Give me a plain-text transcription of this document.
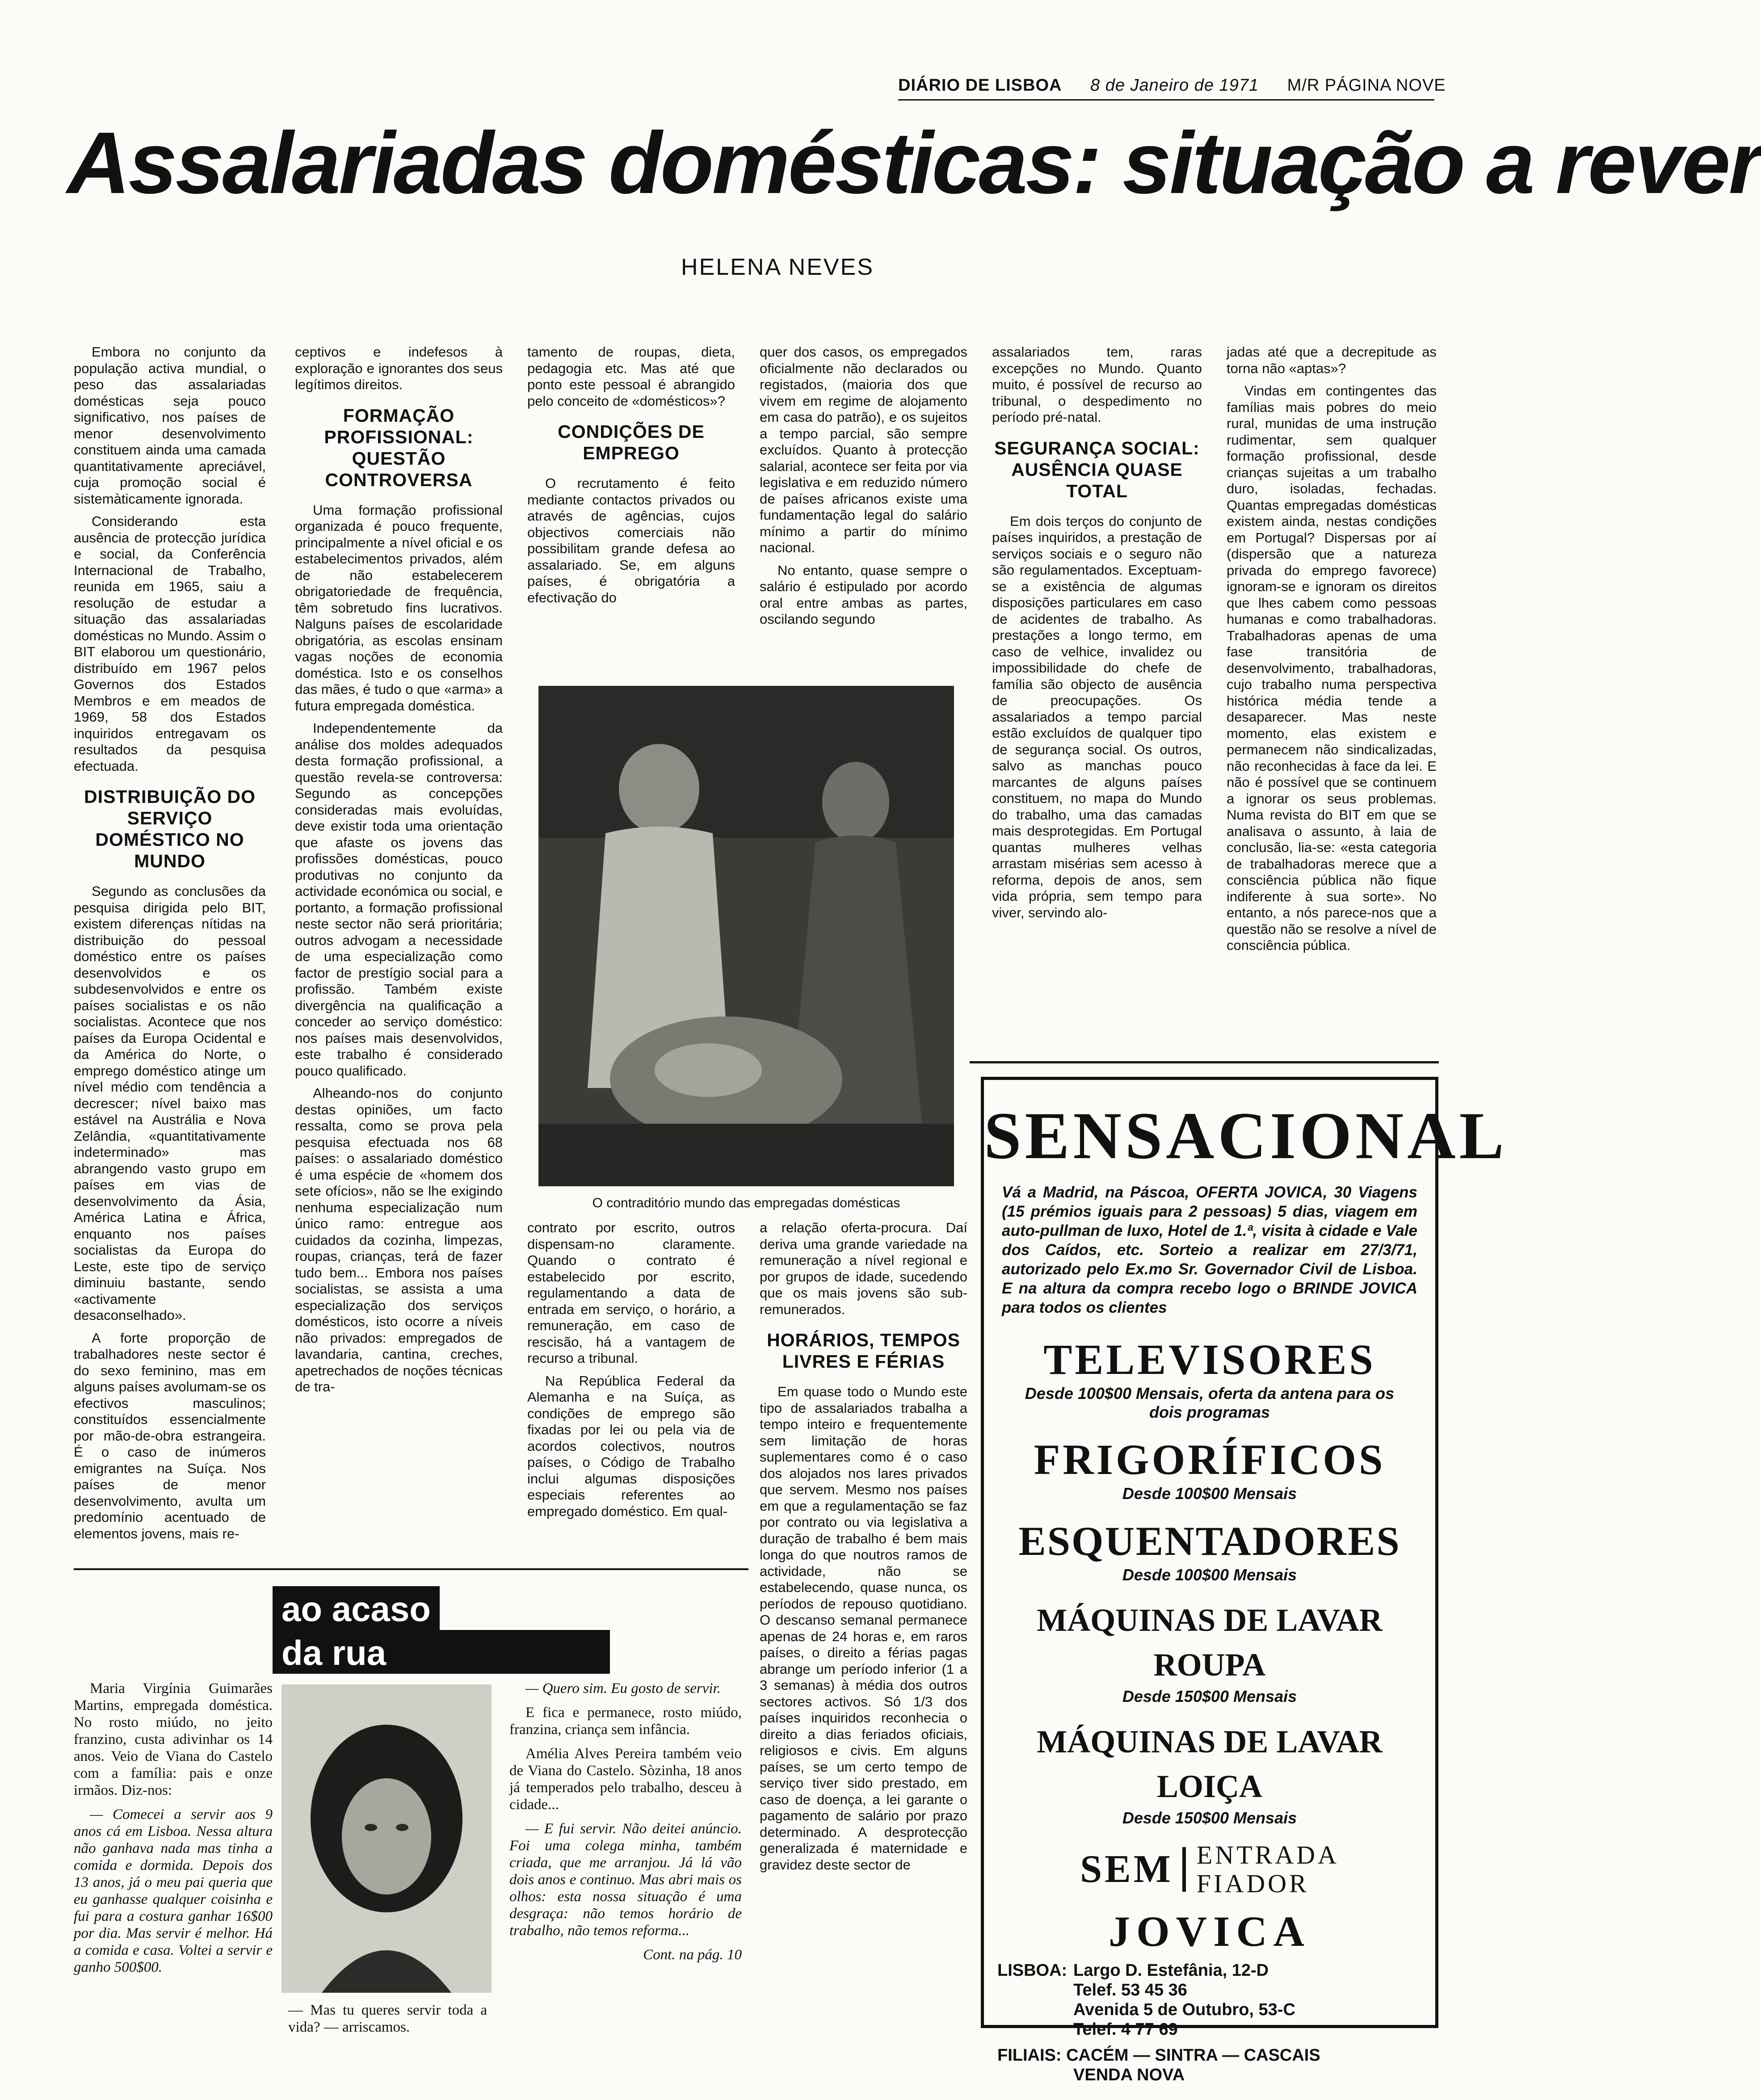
DIÁRIO DE LISBOA 8 de Janeiro de 1971 M/R PÁGINA NOVE
Assalariadas domésticas: situação a rever
HELENA NEVES

Embora no conjunto da população activa mundial, o peso das assalariadas domésticas seja pouco significativo, nos países de menor desenvolvimento constituem ainda uma camada quantitativamente apreciável, cuja promoção social é sistemàticamente ignorada.

Considerando esta ausência de protecção jurídica e social, da Conferência Internacional de Trabalho, reunida em 1965, saiu a resolução de estudar a situação das assalariadas domésticas no Mundo. Assim o BIT elaborou um questionário, distribuído em 1967 pelos Governos dos Estados Membros e em meados de 1969, 58 dos Estados inquiridos entregavam os resultados da pesquisa efectuada.

DISTRIBUIÇÃO DO SERVIÇO DOMÉSTICO NO MUNDO

Segundo as conclusões da pesquisa dirigida pelo BIT, existem diferenças nítidas na distribuição do pessoal doméstico entre os países desenvolvidos e os subdesenvolvidos e entre os países socialistas e os não socialistas. Acontece que nos países da Europa Ocidental e da América do Norte, o emprego doméstico atinge um nível médio com tendência a decrescer; nível baixo mas estável na Austrália e Nova Zelândia, «quantitativamente indeterminado» mas abrangendo vasto grupo em países em vias de desenvolvimento da Ásia, América Latina e África, enquanto nos países socialistas da Europa do Leste, este tipo de serviço diminuiu bastante, sendo «activamente desaconselhado».

A forte proporção de trabalhadores neste sector é do sexo feminino, mas em alguns países avolumam-se os efectivos masculinos; constituídos essencialmente por mão-de-obra estrangeira. É o caso de inúmeros emigrantes na Suíça. Nos países de menor desenvolvimento, avulta um predomínio acentuado de elementos jovens, mais re-

ceptivos e indefesos à exploração e ignorantes dos seus legítimos direitos.

FORMAÇÃO PROFISSIONAL: QUESTÃO CONTROVERSA

Uma formação profissional organizada é pouco frequente, principalmente a nível oficial e os estabelecimentos privados, além de não estabelecerem obrigatoriedade de frequência, têm sobretudo fins lucrativos. Nalguns países de escolaridade obrigatória, as escolas ensinam vagas noções de economia doméstica. Isto e os conselhos das mães, é tudo o que «arma» a futura empregada doméstica.

Independentemente da análise dos moldes adequados desta formação profissional, a questão revela-se controversa: Segundo as concepções consideradas mais evoluídas, deve existir toda uma orientação que afaste os jovens das profissões domésticas, pouco produtivas no conjunto da actividade económica ou social, e portanto, a formação profissional neste sector não será prioritária; outros advogam a necessidade de uma especialização como factor de prestígio social para a profissão. Também existe divergência na qualificação a conceder ao serviço doméstico: nos países mais desenvolvidos, este trabalho é considerado pouco qualificado.

Alheando-nos do conjunto destas opiniões, um facto ressalta, como se prova pela pesquisa efectuada nos 68 países: o assalariado doméstico é uma espécie de «homem dos sete ofícios», não se lhe exigindo nenhuma especialização num único ramo: entregue aos cuidados da cozinha, limpezas, roupas, crianças, terá de fazer tudo bem... Embora nos países socialistas, se assista a uma especialização dos serviços domésticos, isto ocorre a níveis não privados: empregados de lavandaria, cantina, creches, apetrechados de noções técnicas de tra-

tamento de roupas, dieta, pedagogia etc. Mas até que ponto este pessoal é abrangido pelo conceito de «domésticos»?

CONDIÇÕES DE EMPREGO

O recrutamento é feito mediante contactos privados ou através de agências, cujos objectivos comerciais não possibilitam grande defesa ao assalariado. Se, em alguns países, é obrigatória a efectivação do

quer dos casos, os empregados oficialmente não declarados ou registados, (maioria dos que vivem em regime de alojamento em casa do patrão), e os sujeitos a tempo parcial, são sempre excluídos. Quanto à protecção salarial, acontece ser feita por via legislativa e em reduzido número de países africanos existe uma fundamentação legal do salário mínimo a partir do mínimo nacional.

No entanto, quase sempre o salário é estipulado por acordo oral entre ambas as partes, oscilando segundo

assalariados tem, raras excepções no Mundo. Quanto muito, é possível de recurso ao tribunal, o despedimento no período pré-natal.

SEGURANÇA SOCIAL: AUSÊNCIA QUASE TOTAL

Em dois terços do conjunto de países inquiridos, a prestação de serviços sociais e o seguro não são regulamentados. Exceptuam-se a existência de algumas disposições particulares em caso de acidentes de trabalho. As prestações a longo termo, em caso de velhice, invalidez ou impossibilidade do chefe de família são objecto de ausência de preocupações. Os assalariados a tempo parcial estão excluídos de qualquer tipo de segurança social. Os outros, salvo as manchas pouco marcantes de alguns países constituem, no mapa do Mundo do trabalho, uma das camadas mais desprotegidas. Em Portugal quantas mulheres velhas arrastam misérias sem acesso à reforma, depois de anos, sem vida própria, sem tempo para viver, servindo alo-

jadas até que a decrepitude as torna não «aptas»?

Vindas em contingentes das famílias mais pobres do meio rural, munidas de uma instrução rudimentar, sem qualquer formação profissional, desde crianças sujeitas a um trabalho duro, isoladas, fechadas. Quantas empregadas domésticas existem ainda, nestas condições em Portugal? Dispersas por aí (dispersão que a natureza privada do emprego favorece) ignoram-se e ignoram os direitos que lhes cabem como pessoas humanas e como trabalhadoras. Trabalhadoras apenas de uma fase transitória de desenvolvimento, trabalhadoras, cujo trabalho numa perspectiva histórica média tende a desaparecer. Mas neste momento, elas existem e permanecem não sindicalizadas, não reconhecidas à face da lei. E não é possível que se continuem a ignorar os seus problemas. Numa revista do BIT em que se analisava o assunto, à laia de conclusão, lia-se: «esta categoria de trabalhadoras merece que a consciência pública não fique indiferente à sua sorte». No entanto, a nós parece-nos que a questão não se resolve a nível de consciência pública.

O contraditório mundo das empregadas domésticas

contrato por escrito, outros dispensam-no claramente. Quando o contrato é estabelecido por escrito, regulamentando a data de entrada em serviço, o horário, a remuneração, em caso de rescisão, há a vantagem de recurso a tribunal.

Na República Federal da Alemanha e na Suíça, as condições de emprego são fixadas por lei ou pela via de acordos colectivos, noutros países, o Código de Trabalho inclui algumas disposições especiais referentes ao empregado doméstico. Em qual-

a relação oferta-procura. Daí deriva uma grande variedade na remuneração a nível regional e por grupos de idade, sucedendo que os mais jovens são sub-remunerados.

HORÁRIOS, TEMPOS LIVRES E FÉRIAS

Em quase todo o Mundo este tipo de assalariados trabalha a tempo inteiro e frequentemente sem limitação de horas suplementares como é o caso dos alojados nos lares privados que servem. Mesmo nos países em que a regulamentação se faz por contrato ou via legislativa a duração de trabalho é bem mais longa do que noutros ramos de actividade, não se estabelecendo, quase nunca, os períodos de repouso quotidiano. O descanso semanal permanece apenas de 24 horas e, em raros países, o direito a férias pagas abrange um período inferior (1 a 3 semanas) à média dos outros sectores activos. Só 1/3 dos países inquiridos reconhecia o direito a dias feriados oficiais, religiosos e civis. Em alguns países, se um certo tempo de serviço tiver sido prestado, em caso de doença, a lei garante o pagamento de salário por prazo determinado. A desprotecção generalizada é maternidade e gravidez deste sector de

ao acaso
da rua

Maria Virgínia Guimarães Martins, empregada doméstica. No rosto miúdo, no jeito franzino, custa adivinhar os 14 anos. Veio de Viana do Castelo com a família: pais e onze irmãos. Diz-nos:

— Comecei a servir aos 9 anos cá em Lisboa. Nessa altura não ganhava nada mas tinha a comida e dormida. Depois dos 13 anos, já o meu pai queria que eu ganhasse qualquer coisinha e fui para a costura ganhar 16$00 por dia. Mas servir é melhor. Há a comida e casa. Voltei a servir e ganho 500$00.

— Mas tu queres servir toda a vida? — arriscamos.

— Quero sim. Eu gosto de servir.

E fica e permanece, rosto miúdo, franzina, criança sem infância.

Amélia Alves Pereira também veio de Viana do Castelo. Sòzinha, 18 anos já temperados pelo trabalho, desceu à cidade...

— E fui servir. Não deitei anúncio. Foi uma colega minha, também criada, que me arranjou. Já lá vão dois anos e continuo. Mas abri mais os olhos: esta nossa situação é uma desgraça: não temos horário de trabalho, não temos reforma...

Cont. na pág. 10

SENSACIONAL
Vá a Madrid, na Páscoa, OFERTA JOVICA, 30 Viagens (15 prémios iguais para 2 pessoas) 5 dias, viagem em auto-pullman de luxo, Hotel de 1.ª, visita à cidade e Vale dos Caídos, etc. Sorteio a realizar em 27/3/71, autorizado pelo Ex.mo Sr. Governador Civil de Lisboa. E na altura da compra recebo logo o BRINDE JOVICA para todos os clientes
TELEVISORES
Desde 100$00 Mensais, oferta da antena para os dois programas
FRIGORÍFICOS
Desde 100$00 Mensais
ESQUENTADORES
Desde 100$00 Mensais
MÁQUINAS DE LAVAR ROUPA
Desde 150$00 Mensais
MÁQUINAS DE LAVAR LOIÇA
Desde 150$00 Mensais
SEM ENTRADA
FIADOR
JOVICA
LISBOA: Largo D. Estefânia, 12-D
Telef. 53 45 36
Avenida 5 de Outubro, 53-C
Telef. 4 77 69
FILIAIS: CACÉM — SINTRA — CASCAIS
VENDA NOVA
